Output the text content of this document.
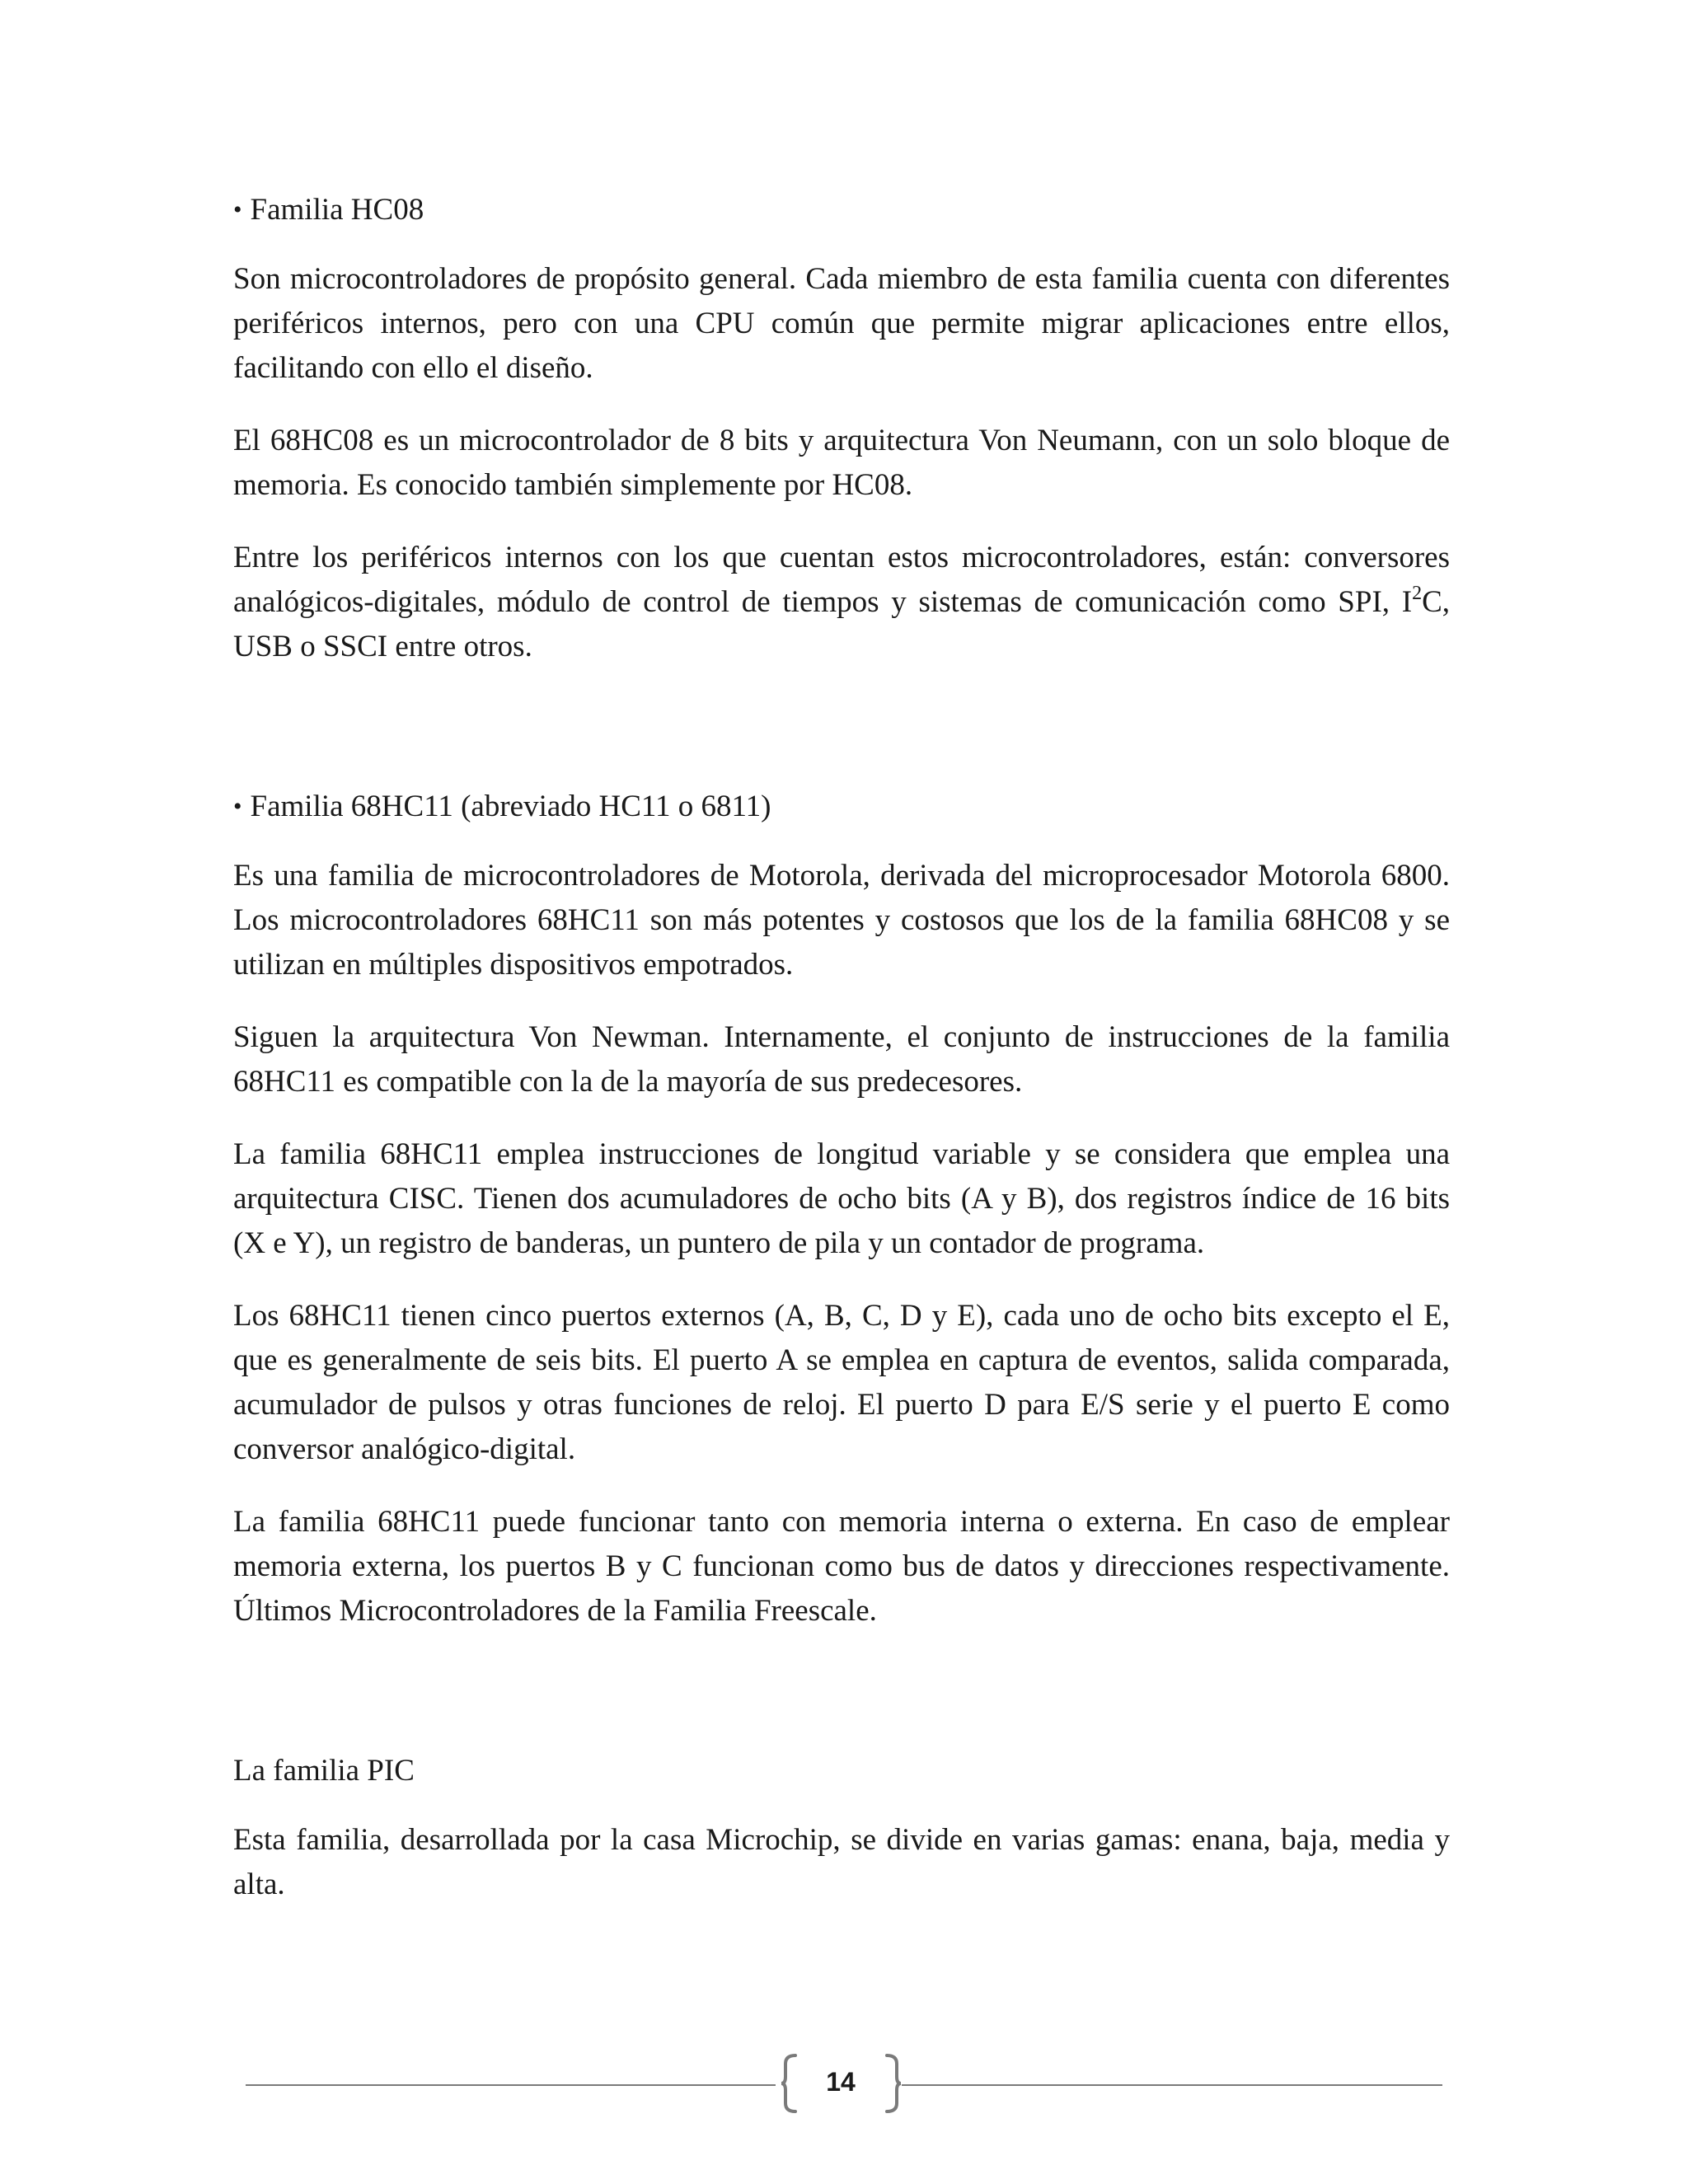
• Familia HC08

Son microcontroladores de propósito general. Cada miembro de esta familia cuenta con diferentes periféricos internos, pero con una CPU común que permite migrar aplicaciones entre ellos, facilitando con ello el diseño.

El 68HC08 es un microcontrolador de 8 bits y arquitectura Von Neumann, con un solo bloque de memoria. Es conocido también simplemente por HC08.

Entre los periféricos internos con los que cuentan estos microcontroladores, están: conversores analógicos-digitales, módulo de control de tiempos y sistemas de comunicación como SPI, $I^2C$, USB o SSCI entre otros.

• Familia 68HC11 (abreviado HC11 o 6811)

Es una familia de microcontroladores de Motorola, derivada del microprocesador Motorola 6800. Los microcontroladores 68HC11 son más potentes y costosos que los de la familia 68HC08 y se utilizan en múltiples dispositivos empotrados.

Siguen la arquitectura Von Newman. Internamente, el conjunto de instrucciones de la familia 68HC11 es compatible con la de la mayoría de sus predecesores.

La familia 68HC11 emplea instrucciones de longitud variable y se considera que emplea una arquitectura CISC. Tienen dos acumuladores de ocho bits (A y B), dos registros índice de 16 bits (X e Y), un registro de banderas, un puntero de pila y un contador de programa.

Los 68HC11 tienen cinco puertos externos (A, B, C, D y E), cada uno de ocho bits excepto el E, que es generalmente de seis bits. El puerto A se emplea en captura de eventos, salida comparada, acumulador de pulsos y otras funciones de reloj. El puerto D para E/S serie y el puerto E como conversor analógico-digital.

La familia 68HC11 puede funcionar tanto con memoria interna o externa. En caso de emplear memoria externa, los puertos B y C funcionan como bus de datos y direcciones respectivamente. Últimos Microcontroladores de la Familia Freescale.

La familia PIC

Esta familia, desarrollada por la casa Microchip, se divide en varias gamas: enana, baja, media y alta.

14
